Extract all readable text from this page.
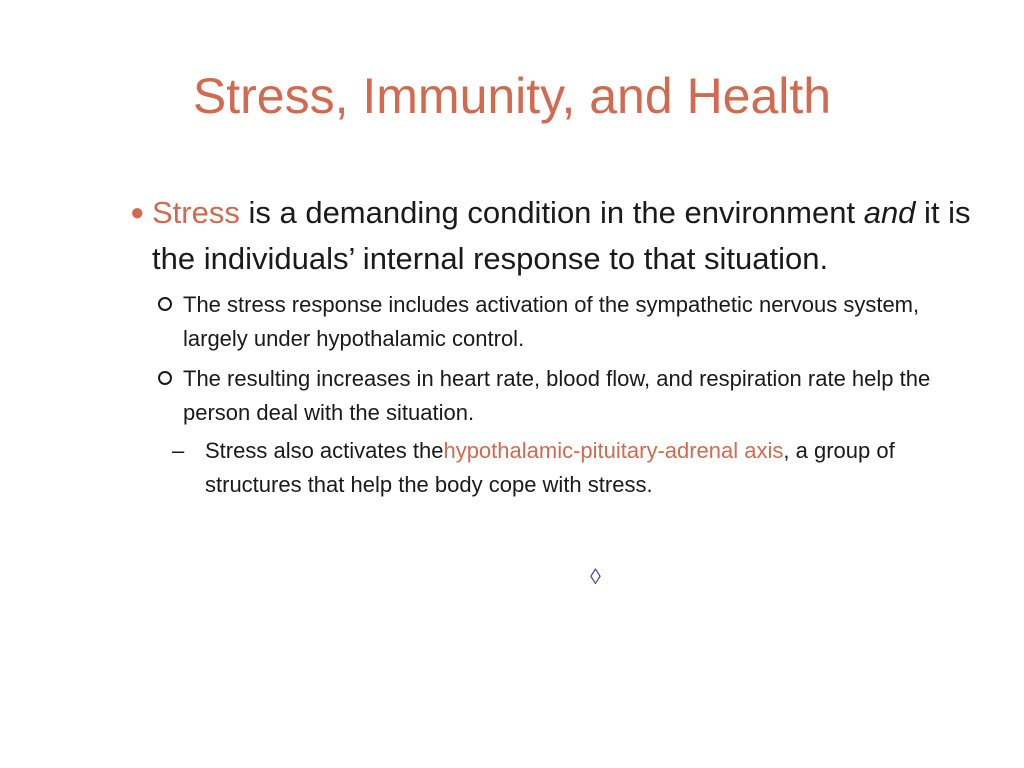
Stress, Immunity, and Health
● Stress is a demanding condition in the environment and it is the individuals’ internal response to that situation.
The stress response includes activation of the sympathetic nervous system, largely under hypothalamic control.
The resulting increases in heart rate, blood flow, and respiration rate help the person deal with the situation.
– Stress also activates thehypothalamic-pituitary-adrenal axis, a group of structures that help the body cope with stress.
◊
